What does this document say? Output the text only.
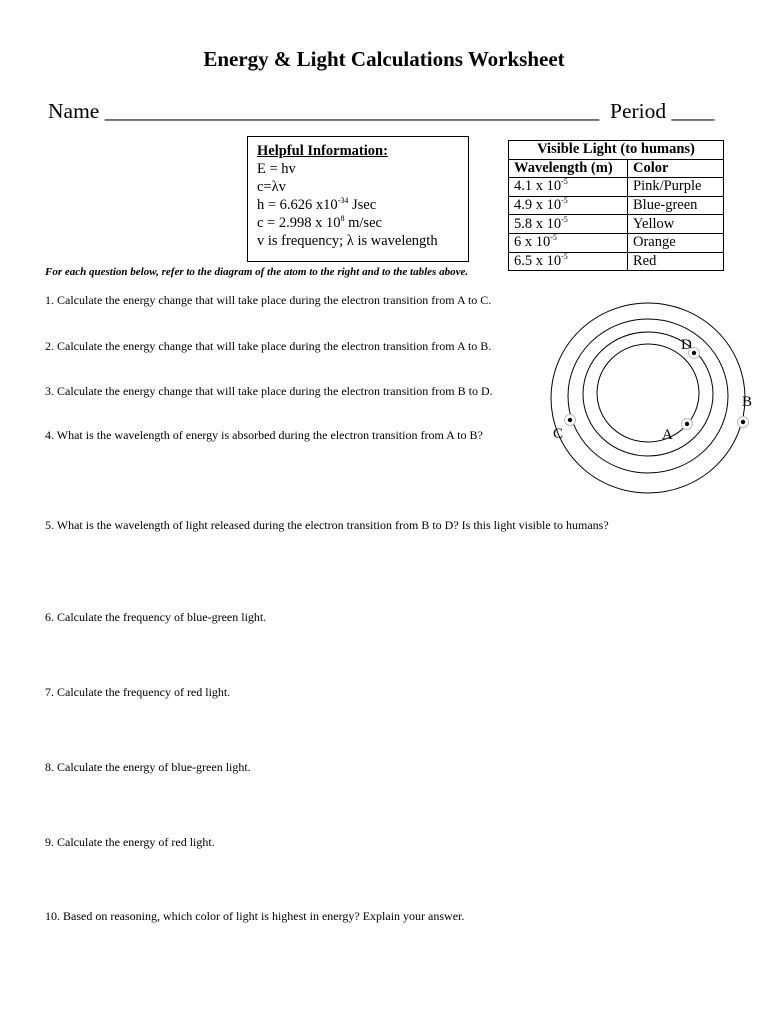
Energy & Light Calculations Worksheet
Name ______________________________________________ Period ____
Helpful Information:
E = hv
c=λv
h = 6.626 $x10^{-34}$ Jsec
c = 2.998 x $10^8$ m/sec
v is frequency; λ is wavelength
Visible Light (to humans)	
Wavelength (m)	Color
4.1 x $10^{-5}$	Pink/Purple
4.9 x $10^{-5}$	Blue-green
5.8 x $10^{-5}$	Yellow
6 x $10^{-5}$	Orange
6.5 x $10^{-5}$	Red
For each question below, refer to the diagram of the atom to the right and to the tables above.
1. Calculate the energy change that will take place during the electron transition from A to C.
2. Calculate the energy change that will take place during the electron transition from A to B.
3. Calculate the energy change that will take place during the electron transition from B to D.
4. What is the wavelength of energy is absorbed during the electron transition from A to B?
5. What is the wavelength of light released during the electron transition from B to D? Is this light visible to humans?
6. Calculate the frequency of blue-green light.
7. Calculate the frequency of red light.
8. Calculate the energy of blue-green light.
9. Calculate the energy of red light.
10. Based on reasoning, which color of light is highest in energy? Explain your answer.
A
B
C
D
